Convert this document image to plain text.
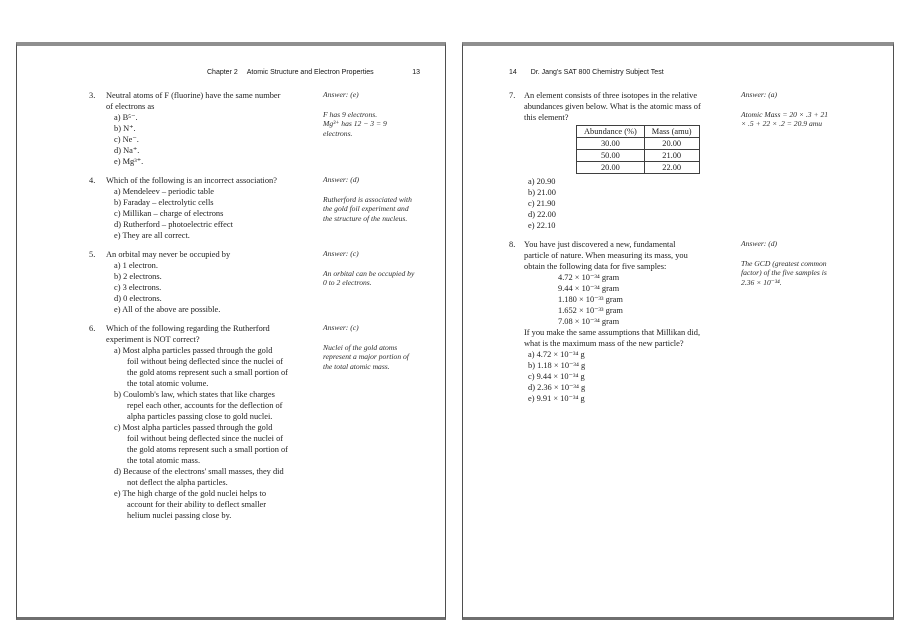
Chapter 2 Atomic Structure and Electron Properties	13
3.	Neutral atoms of F (fluorine) have the same number
of electrons as
a) B⁵⁻.
b) N⁺.
c) Ne⁻.
d) Na⁺.
e) Mg³⁺.
Answer: (e)
F has 9 electrons.
Mg³⁺ has 12 − 3 = 9
electrons.
4.	Which of the following is an incorrect association?
a) Mendeleev – periodic table
b) Faraday – electrolytic cells
c) Millikan – charge of electrons
d) Rutherford – photoelectric effect
e) They are all correct.
Answer: (d)
Rutherford is associated with
the gold foil experiment and
the structure of the nucleus.
5.	An orbital may never be occupied by
a) 1 electron.
b) 2 electrons.
c) 3 electrons.
d) 0 electrons.
e) All of the above are possible.
Answer: (c)
An orbital can be occupied by
0 to 2 electrons.
6.	Which of the following regarding the Rutherford
experiment is NOT correct?
a) Most alpha particles passed through the gold
foil without being deflected since the nuclei of
the gold atoms represent such a small portion of
the total atomic volume.
b) Coulomb's law, which states that like charges
repel each other, accounts for the deflection of
alpha particles passing close to gold nuclei.
c) Most alpha particles passed through the gold
foil without being deflected since the nuclei of
the gold atoms represent such a small portion of
the total atomic mass.
d) Because of the electrons' small masses, they did
not deflect the alpha particles.
e) The high charge of the gold nuclei helps to
account for their ability to deflect smaller
helium nuclei passing close by.
Answer: (c)
Nuclei of the gold atoms
represent a major portion of
the total atomic mass.
14 Dr. Jang's SAT 800 Chemistry Subject Test
7.	An element consists of three isotopes in the relative
abundances given below. What is the atomic mass of
this element?
Abundance (%)	Mass (amu)
30.00	20.00
50.00	21.00
20.00	22.00
a) 20.90
b) 21.00
c) 21.90
d) 22.00
e) 22.10
Answer: (a)
Atomic Mass = 20 × .3 + 21
× .5 + 22 × .2 = 20.9 amu
8.	You have just discovered a new, fundamental
particle of nature. When measuring its mass, you
obtain the following data for five samples:
4.72 × 10⁻³⁴ gram
9.44 × 10⁻³⁴ gram
1.180 × 10⁻³³ gram
1.652 × 10⁻³³ gram
7.08 × 10⁻³⁴ gram
If you make the same assumptions that Millikan did,
what is the maximum mass of the new particle?
a) 4.72 × 10⁻³⁴ g
b) 1.18 × 10⁻³⁴ g
c) 9.44 × 10⁻³⁴ g
d) 2.36 × 10⁻³⁴ g
e) 9.91 × 10⁻³⁴ g
Answer: (d)
The GCD (greatest common
factor) of the five samples is
2.36 × 10⁻³⁴.
